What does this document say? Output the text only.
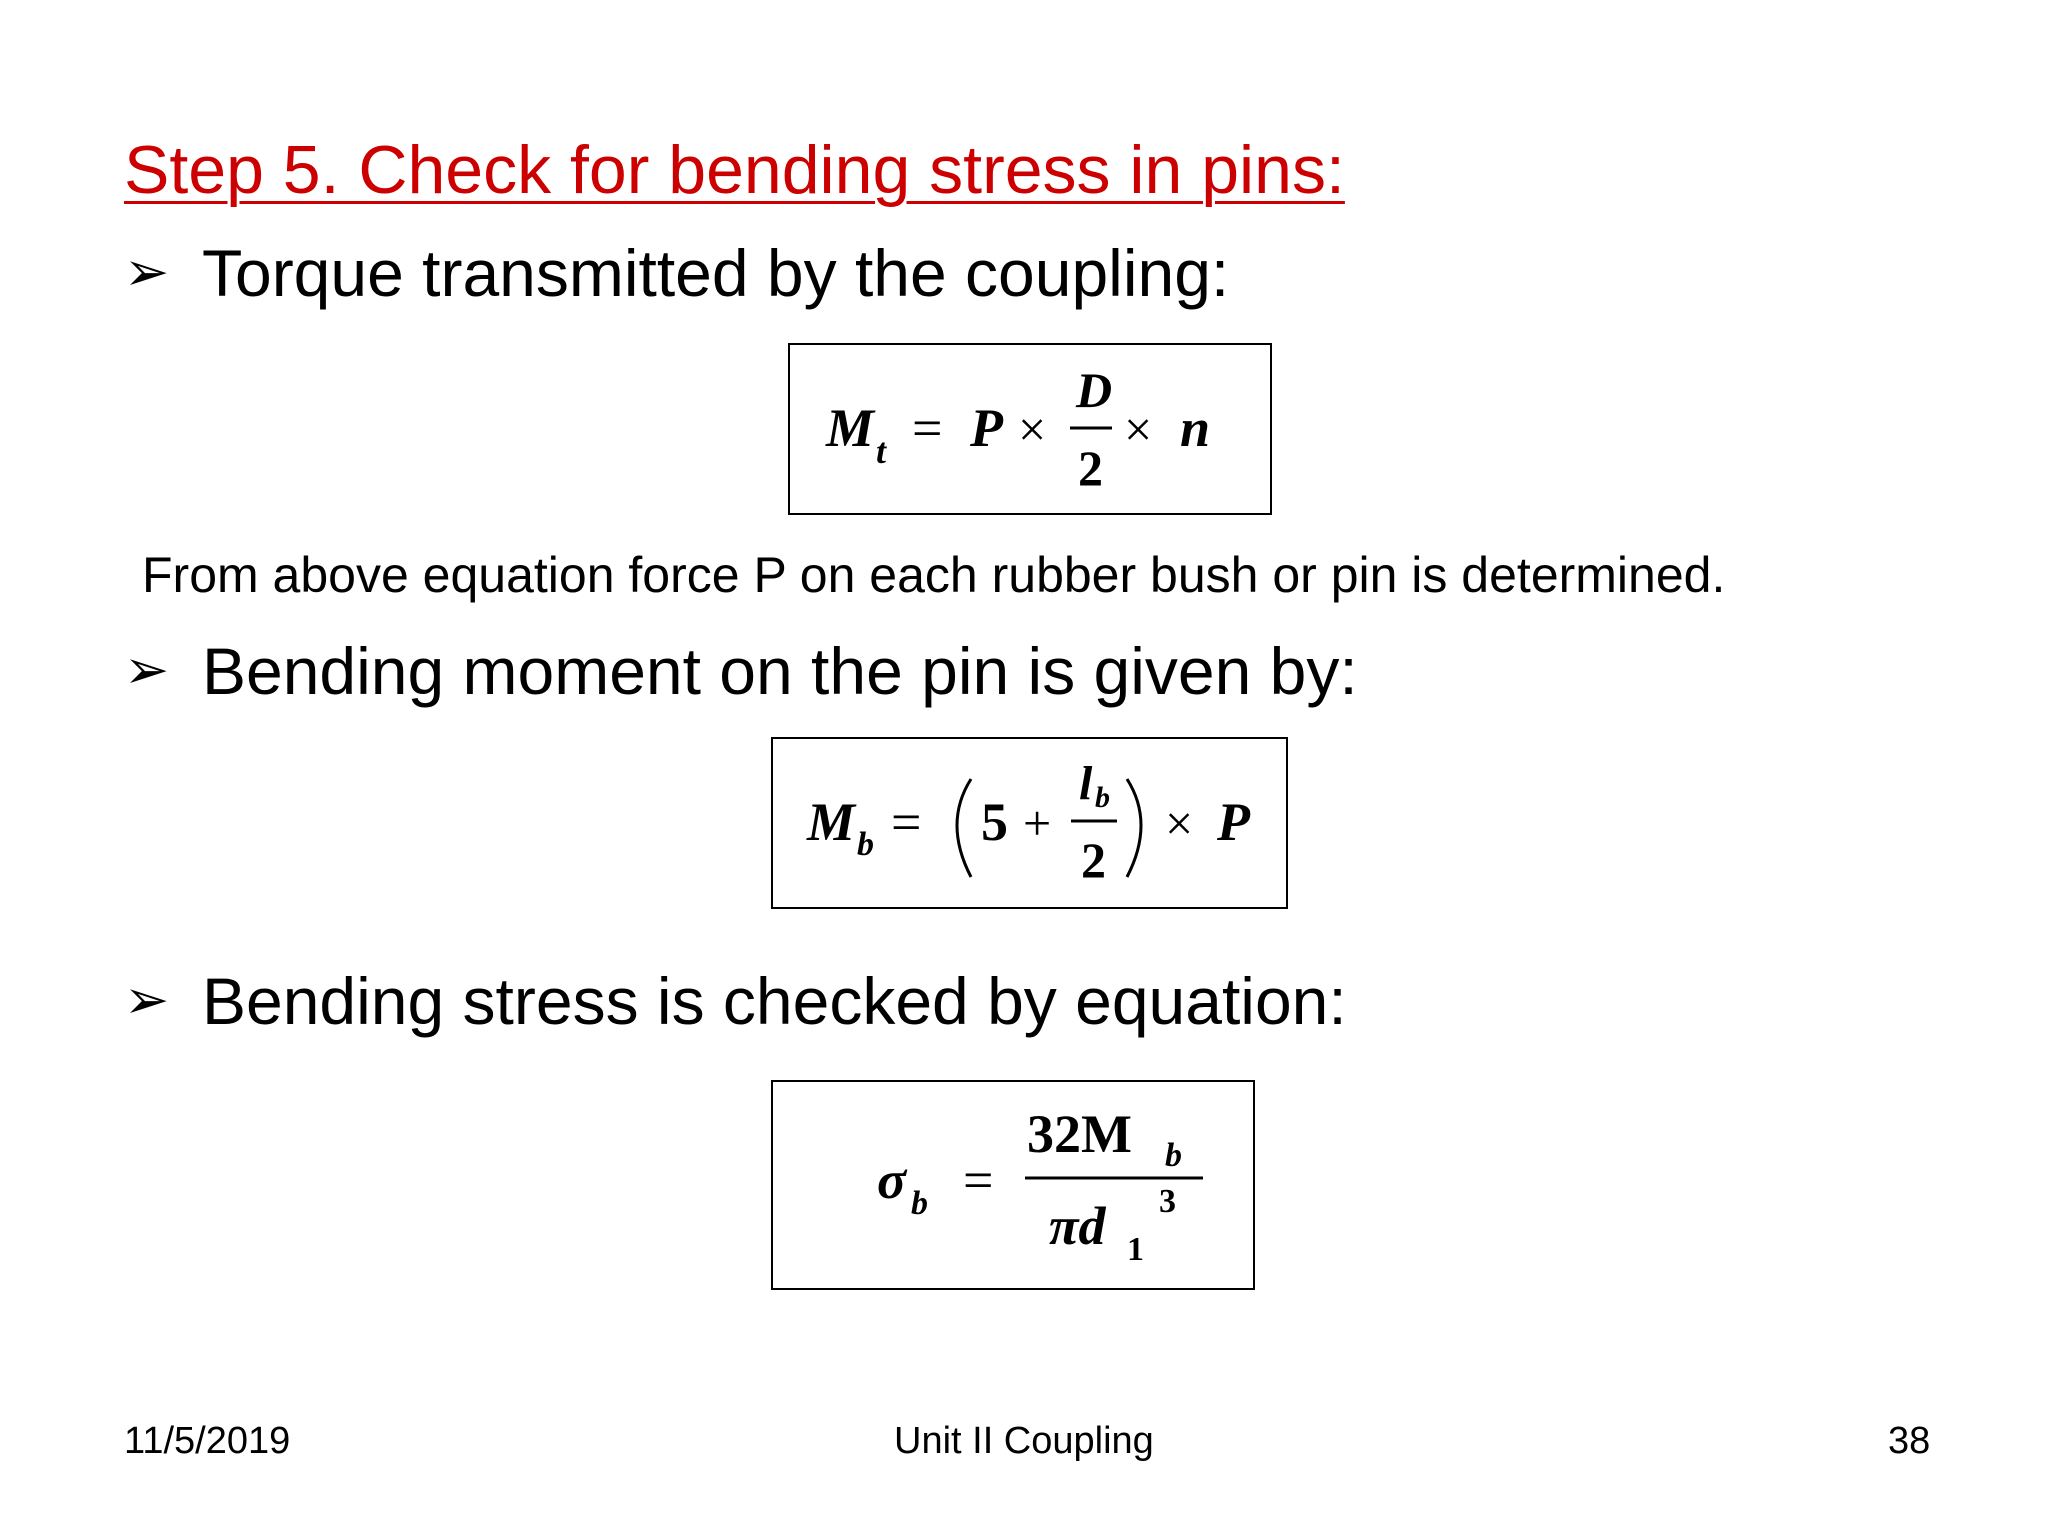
Step 5. Check for bending stress in pins:
➢ Torque transmitted by the coupling:
M t = P ×
D
2
× n
From above equation force P on each rubber bush or pin is determined.
➢ Bending moment on the pin is given by:
M b = 5 +
l b
2
× P
➢ Bending stress is checked by equation:
σ b =
32M b
πd 1
3
11/5/2019	Unit II Coupling	38
